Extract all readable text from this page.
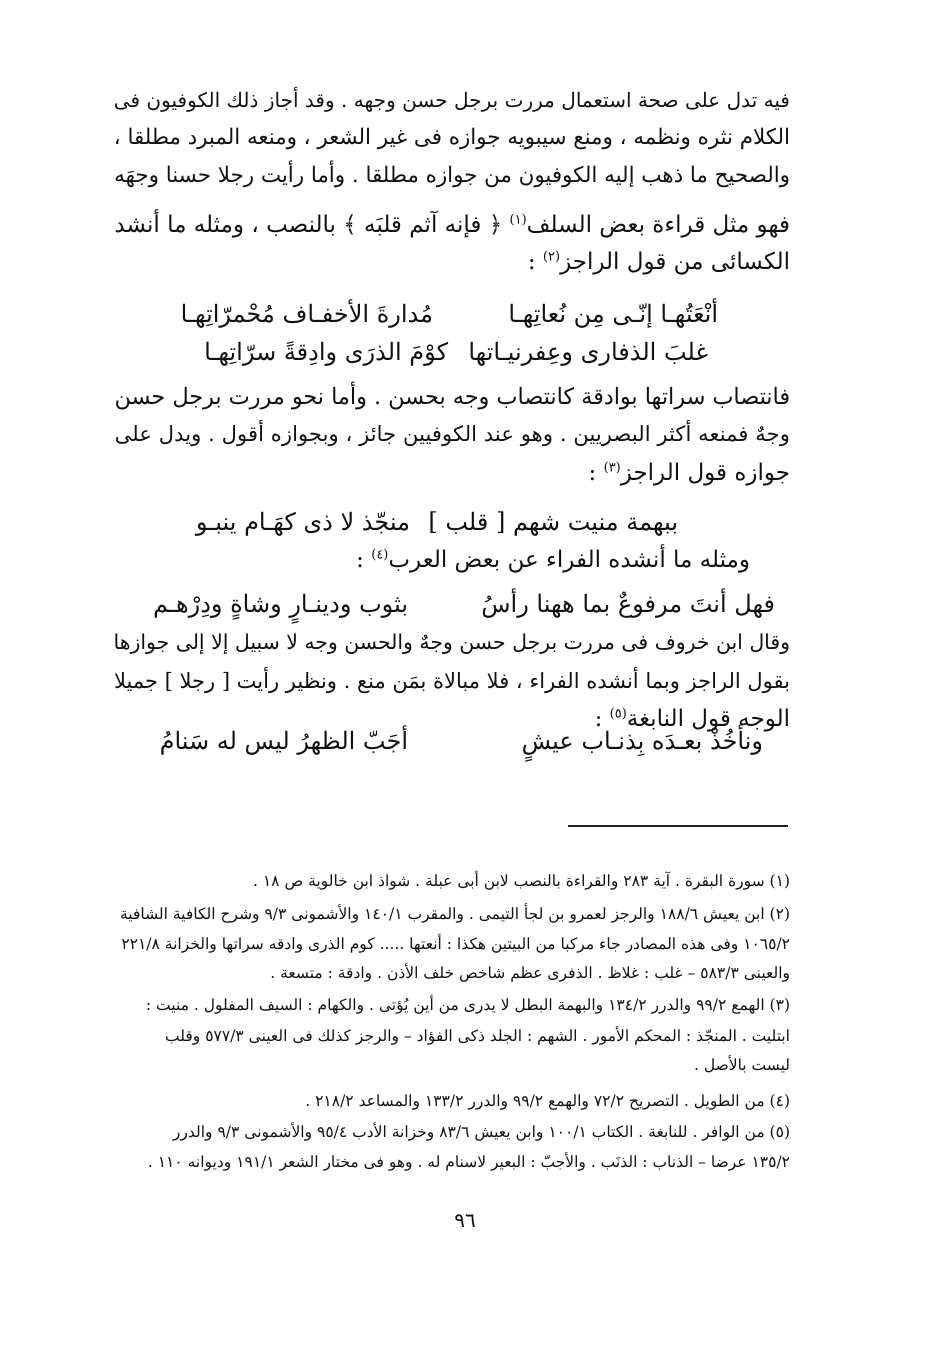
فيه تدل على صحة استعمال مررت برجل حسن وجهه . وقد أجاز ذلك الكوفيون فى
الكلام نثره ونظمه ، ومنع سيبويه جوازه فى غير الشعر ، ومنعه المبرد مطلقا ،
والصحيح ما ذهب إليه الكوفيون من جوازه مطلقا . وأما رأيت رجلا حسنا وجهَه
فهو مثل قراءة بعض السلف$^{(١)}$ ﴿ فإنه آثم قلبَه ﴾ بالنصب ، ومثله ما أنشد
الكسائى من قول الراجز$^{(٢)}$ :
أنْعَتُهـا إنّـى مِن نُعاتِهـا
مُدارةَ الأخفـاف مُحْمرّاتِهـا
غلبَ الذفارى وعِفرنيـاتها
كوْمَ الذرَى وادِقةً سرّاتِهـا
فانتصاب سراتها بوادقة كانتصاب وجه بحسن . وأما نحو مررت برجل حسن
وجهٌ فمنعه أكثر البصريين . وهو عند الكوفيين جائز ، وبجوازه أقول . ويدل على
جوازه قول الراجز$^{(٣)}$ :
ببهمة منيت شهم [ قلب ]
منجّذ لا ذى كهَـام ينبـو
ومثله ما أنشده الفراء عن بعض العرب$^{(٤)}$ :
فهل أنتَ مرفوعٌ بما ههنا رأسُ
بثوب ودينـارٍ وشاةٍ ودِرْهـم
وقال ابن خروف فى مررت برجل حسن وجهٌ والحسن وجه لا سبيل إلا إلى جوازها
بقول الراجز وبما أنشده الفراء ، فلا مبالاة بمَن منع . ونظير رأيت [ رجلا ] جميلا
الوجه قول النابغة$^{(٥)}$ :
ونأخُذْ بعـدَه بِذنـاب عيشٍ
أجَبّ الظهرُ ليس له سَنامُ
(١) سورة البقرة . آية ٢٨٣ والقراءة بالنصب لابن أبى عبلة . شواذ ابن خالوية ص ١٨ .
(٢) ابن يعيش ١٨٨/٦ والرجز لعمرو بن لجأ التيمى . والمقرب ١٤٠/١ والأشمونى ٩/٣ وشرح الكافية الشافية
١٠٦٥/٢ وفى هذه المصادر جاء مركبا من البيتين هكذا : أنعتها ..... كوم الذرى وادقه سراتها والخزانة ٢٢١/٨
والعينى ٥٨٣/٣ – غلب : غلاظ . الذفرى عظم شاخص خلف الأذن . وادقة : متسعة .
(٣) الهمع ٩٩/٢ والدرر ١٣٤/٢ والبهمة البطل لا يدرى من أين يُؤتى . والكهام : السيف المفلول . منيت :
ابتليت . المنجّذ : المحكم الأمور . الشهم : الجلد ذكى الفؤاد – والرجز كذلك فى العينى ٥٧٧/٣ وقلب
ليست بالأصل .
(٤) من الطويل . التصريح ٧٢/٢ والهمع ٩٩/٢ والدرر ١٣٣/٢ والمساعد ٢١٨/٢ .
(٥) من الوافر . للنابغة . الكتاب ١٠٠/١ وابن يعيش ٨٣/٦ وخزانة الأدب ٩٥/٤ والأشمونى ٩/٣ والدرر
١٣٥/٢ عرضا – الذناب : الذنَب . والأجبّ : البعير لاسنام له . وهو فى مختار الشعر ١٩١/١ وديوانه ١١٠ .
٩٦
